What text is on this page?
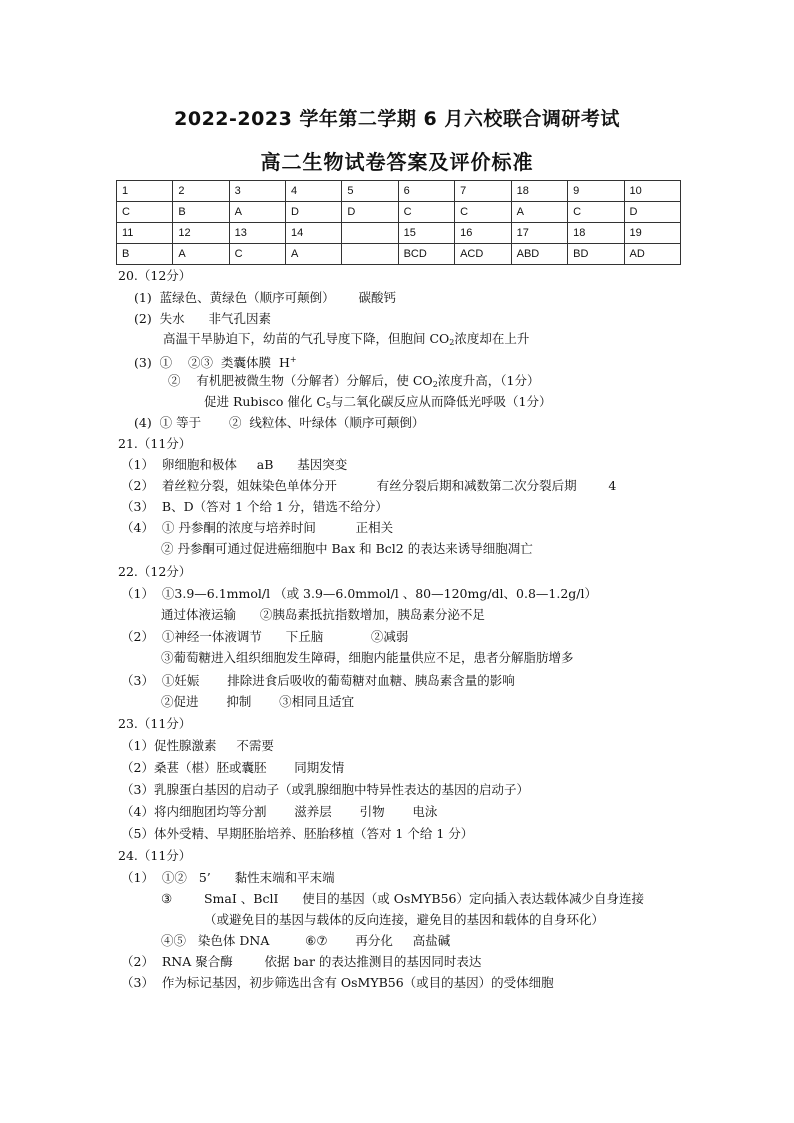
2022-2023 学年第二学期 6 月六校联合调研考试
高二生物试卷答案及评价标准
1	2	3	4	5	6	7	18	9	10
C	B	A	D	D	C	C	A	C	D
11	12	13	14		15	16	17	18	19
B	A	C	A		BCD	ACD	ABD	BD	AD
20.（12分）
(1)  蓝绿色、黄绿色（顺序可颠倒）      碳酸钙
(2)  失水      非气孔因素
高温干旱胁迫下，幼苗的气孔导度下降，但胞间 $CO_2$浓度却在上升
(3)  ①    ②③  类囊体膜  H+
②    有机肥被微生物（分解者）分解后，使 $CO_2$浓度升高，（1分）
促进 Rubisco 催化 $C_5$与二氧化碳反应从而降低光呼吸（1分）
(4)  ① 等于       ②  线粒体、叶绿体（顺序可颠倒）
21.（11分）
（1）  卵细胞和极体     aB      基因突变
（2）  着丝粒分裂，姐妹染色单体分开          有丝分裂后期和减数第二次分裂后期        4
（3）  B、D（答对 1 个给 1 分，错选不给分）
（4）  ① 丹参酮的浓度与培养时间          正相关
② 丹参酮可通过促进癌细胞中 Bax 和 Bcl2 的表达来诱导细胞凋亡
22.（12分）
（1）  ①3.9—6.1mmol/l （或 3.9—6.0mmol/l 、80—120mg/dl、0.8—1.2g/l）
通过体液运输      ②胰岛素抵抗指数增加，胰岛素分泌不足
（2）  ①神经一体液调节      下丘脑            ②减弱
③葡萄糖进入组织细胞发生障碍，细胞内能量供应不足，患者分解脂肪增多
（3）  ①妊娠       排除进食后吸收的葡萄糖对血糖、胰岛素含量的影响
②促进       抑制       ③相同且适宜
23.（11分）
（1）促性腺激素     不需要
（2）桑葚（椹）胚或囊胚       同期发情
（3）乳腺蛋白基因的启动子（或乳腺细胞中特异性表达的基因的启动子）
（4）将内细胞团均等分割       滋养层       引物       电泳
（5）体外受精、早期胚胎培养、胚胎移植（答对 1 个给 1 分）
24.（11分）
（1）  ①②   5’      黏性末端和平末端
③        SmaI 、BclI      使目的基因（或 OsMYB56）定向插入表达载体减少自身连接
（或避免目的基因与载体的反向连接，避免目的基因和载体的自身环化）
④⑤   染色体 DNA         ⑥⑦       再分化     高盐碱
（2）  RNA 聚合酶        依据 bar 的表达推测目的基因同时表达
（3）  作为标记基因，初步筛选出含有 OsMYB56（或目的基因）的受体细胞
